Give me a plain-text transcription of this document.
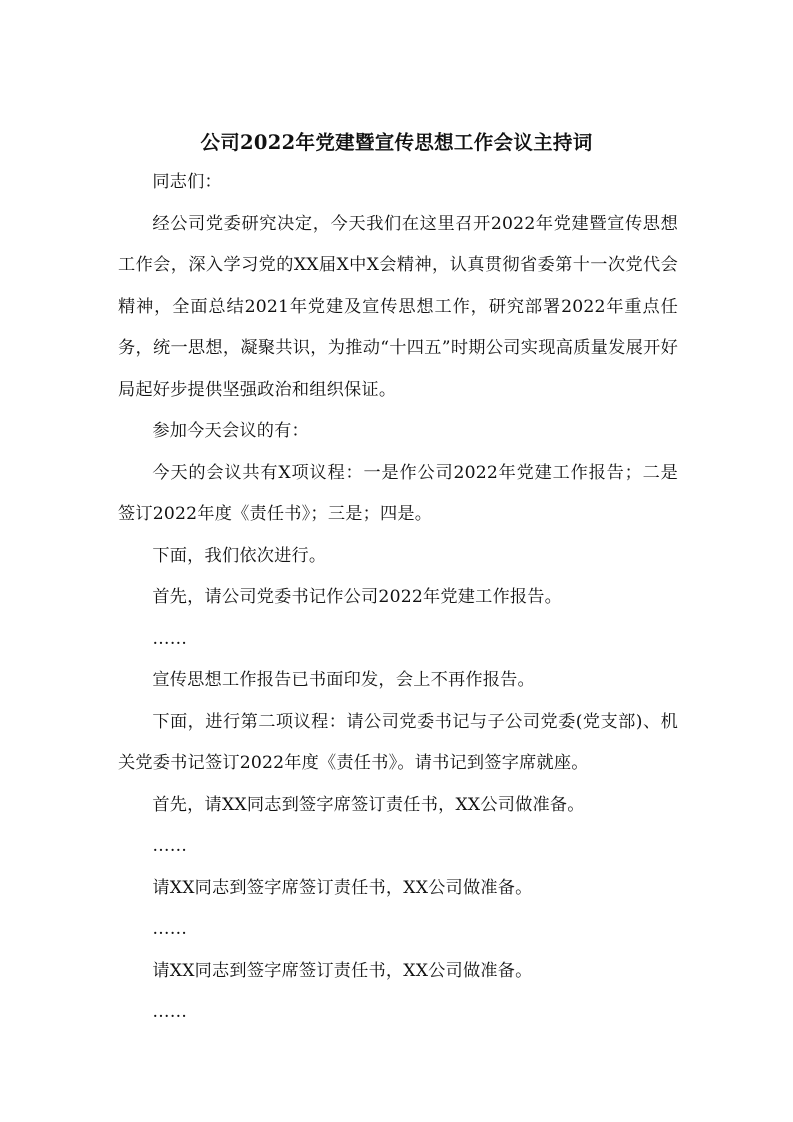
公司2022年党建暨宣传思想工作会议主持词

同志们：

经公司党委研究决定，今天我们在这里召开2022年党建暨宣传思想工作会，深入学习党的XX届X中X会精神，认真贯彻省委第十一次党代会精神，全面总结2021年党建及宣传思想工作，研究部署2022年重点任务，统一思想，凝聚共识，为推动“十四五”时期公司实现高质量发展开好局起好步提供坚强政治和组织保证。

参加今天会议的有：

今天的会议共有X项议程：一是作公司2022年党建工作报告；二是签订2022年度《责任书》；三是；四是。

下面，我们依次进行。

首先，请公司党委书记作公司2022年党建工作报告。

……

宣传思想工作报告已书面印发，会上不再作报告。

下面，进行第二项议程：请公司党委书记与子公司党委(党支部)、机关党委书记签订2022年度《责任书》。请书记到签字席就座。

首先，请XX同志到签字席签订责任书，XX公司做准备。

……

请XX同志到签字席签订责任书，XX公司做准备。

……

请XX同志到签字席签订责任书，XX公司做准备。

……
